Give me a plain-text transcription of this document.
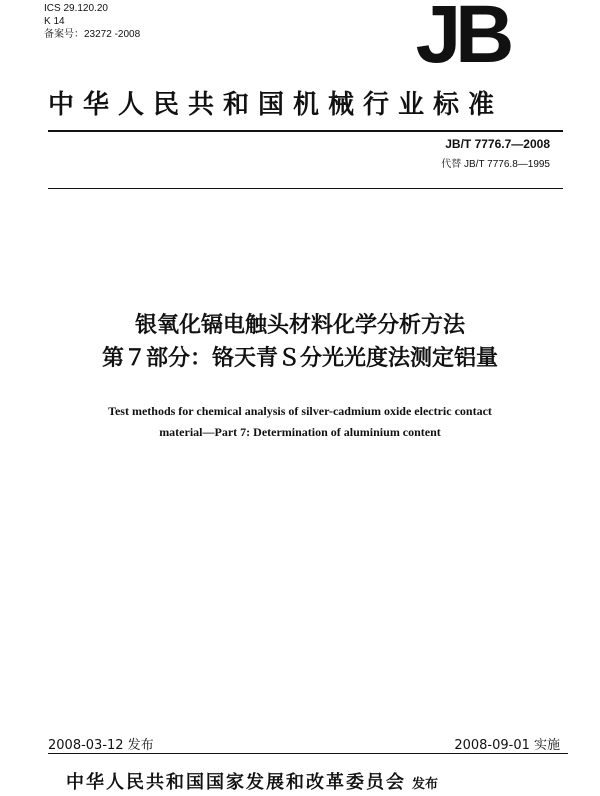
ICS 29.120.20
K 14
备案号：23272 -2008	JB
中华人民共和国机械行业标准
JB/T 7776.7—2008
代替 JB/T 7776.8—1995
银氧化镉电触头材料化学分析方法
第７部分：铬天青Ｓ分光光度法测定铝量
Test methods for chemical analysis of silver-cadmium oxide electric contact
material—Part 7: Determination of aluminium content
2008-03-12 发布	2008-09-01 实施
中华人民共和国国家发展和改革委员会 发布
